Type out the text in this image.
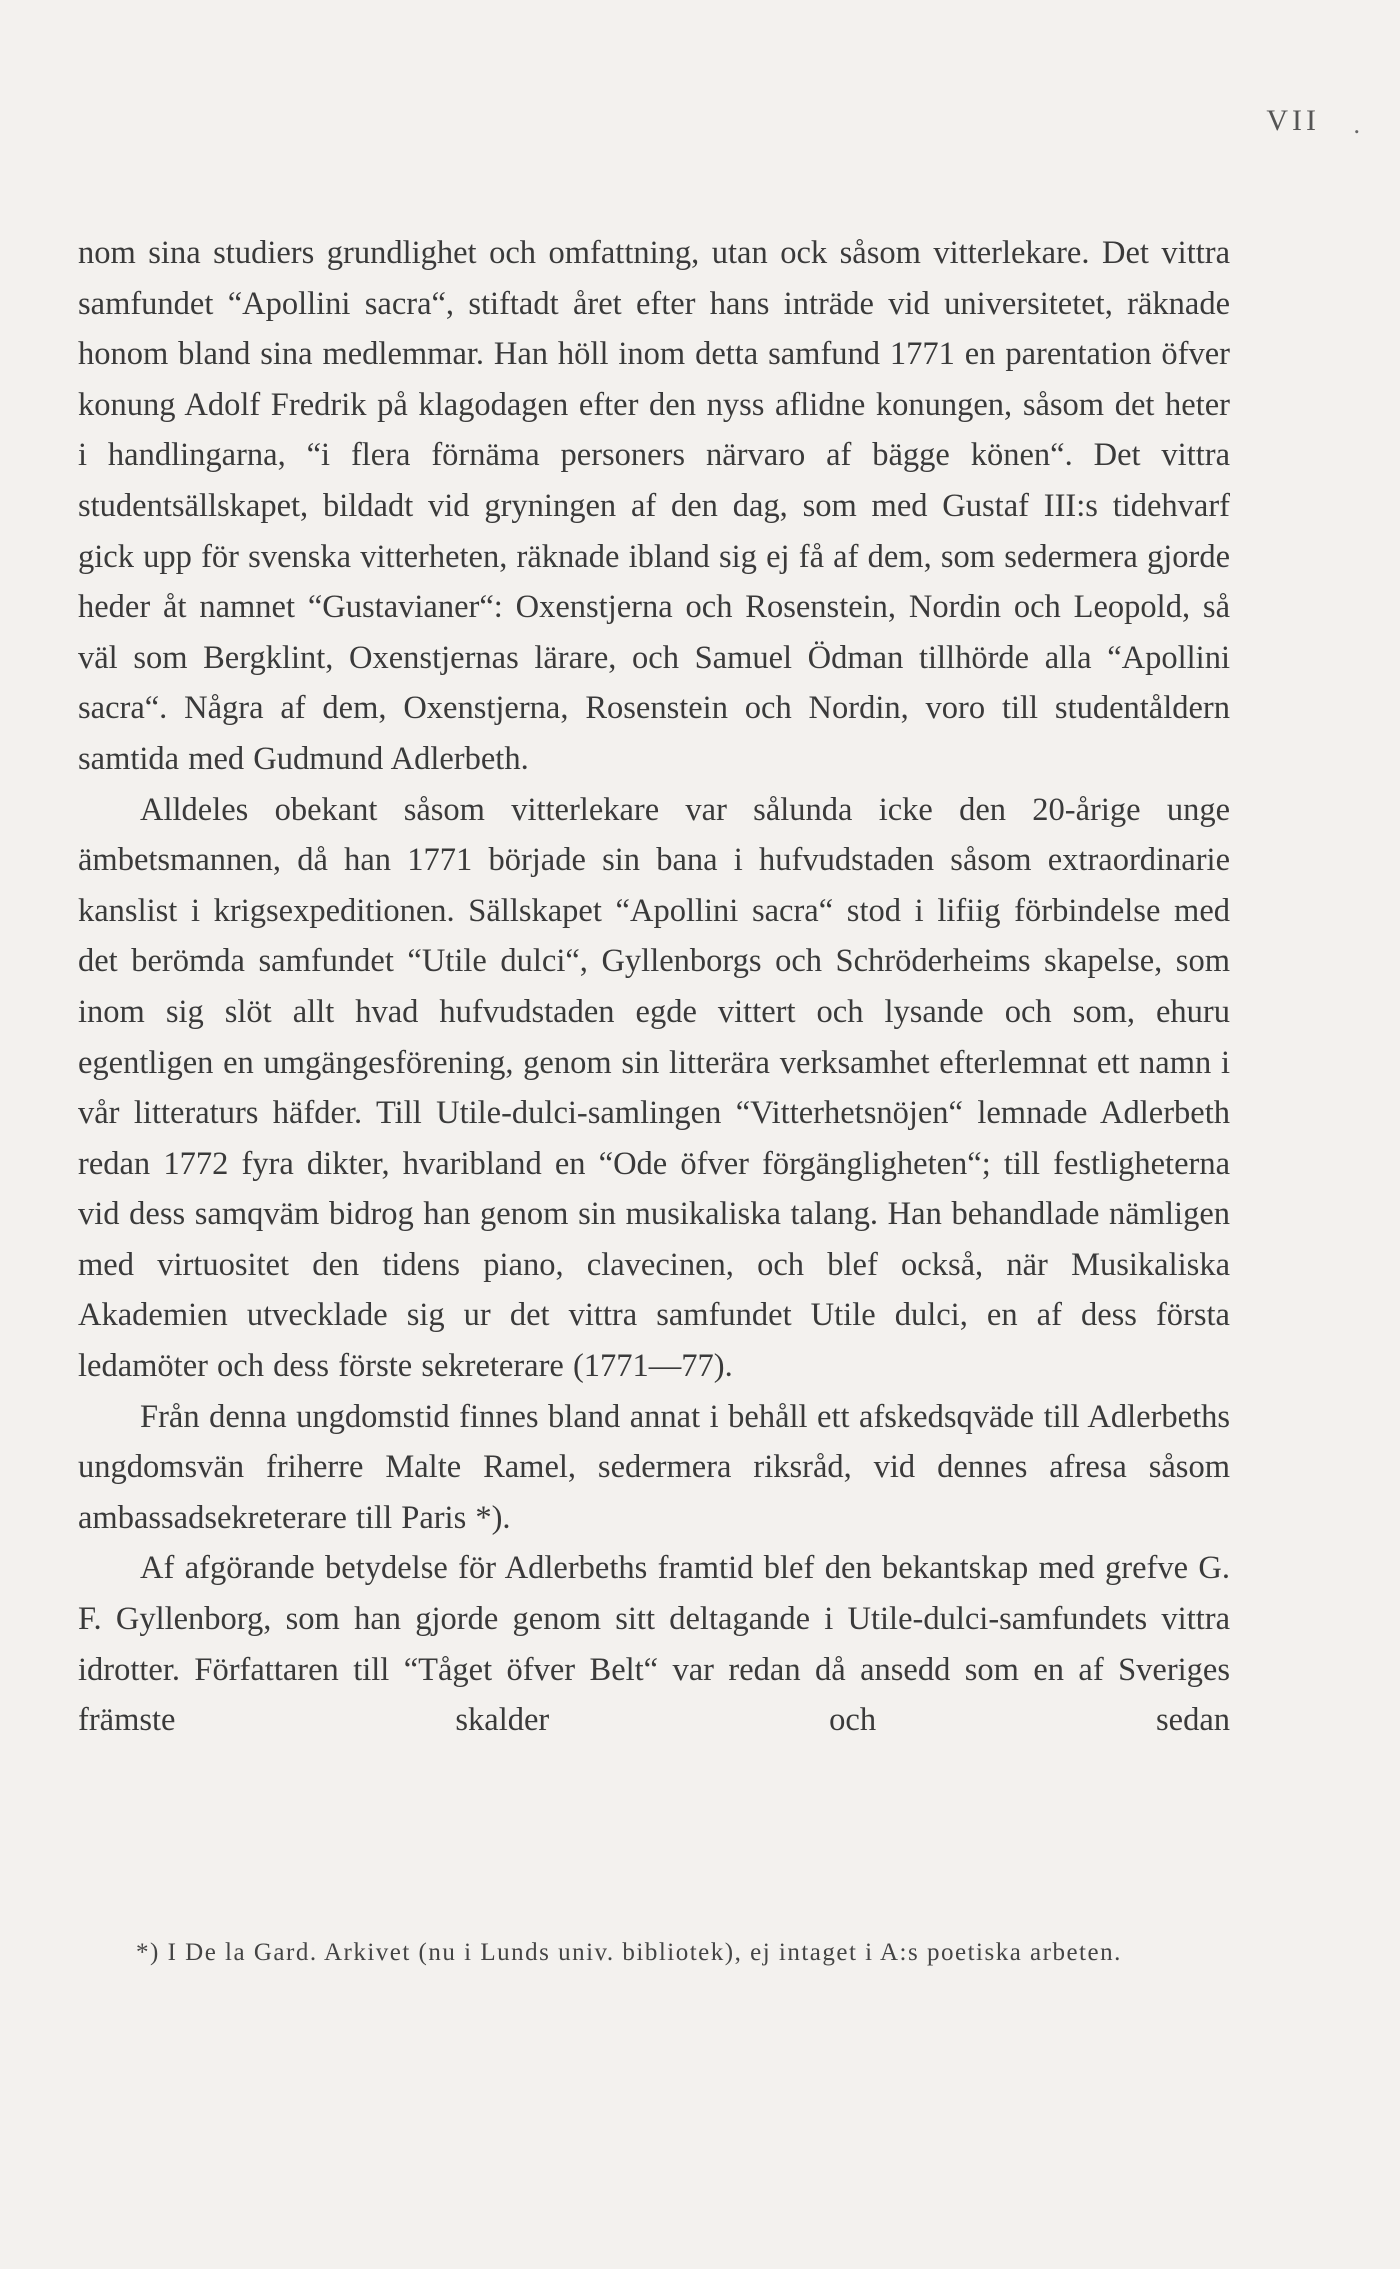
VII .

nom sina studiers grundlighet och omfattning, utan ock såsom vitterlekare. Det vittra samfundet “Apollini sacra“, stiftadt året efter hans inträde vid universitetet, räknade honom bland sina medlemmar. Han höll inom detta samfund 1771 en parentation öfver konung Adolf Fredrik på klagodagen efter den nyss aflidne konungen, såsom det heter i handlingarna, “i flera förnäma personers närvaro af bägge könen“. Det vittra studentsällskapet, bildadt vid gryningen af den dag, som med Gustaf III:s tidehvarf gick upp för svenska vitterheten, räknade ibland sig ej få af dem, som sedermera gjorde heder åt namnet “Gustavianer“: Oxenstjerna och Rosenstein, Nordin och Leopold, så väl som Bergklint, Oxenstjernas lärare, och Samuel Ödman tillhörde alla “Apollini sacra“. Några af dem, Oxenstjerna, Rosenstein och Nordin, voro till studentåldern samtida med Gudmund Adlerbeth.

Alldeles obekant såsom vitterlekare var sålunda icke den 20-årige unge ämbetsmannen, då han 1771 började sin bana i hufvudstaden såsom extraordinarie kanslist i krigsexpeditionen. Sällskapet “Apollini sacra“ stod i lifiig förbindelse med det berömda samfundet “Utile dulci“, Gyllenborgs och Schröderheims skapelse, som inom sig slöt allt hvad hufvudstaden egde vittert och lysande och som, ehuru egentligen en umgängesförening, genom sin litterära verksamhet efterlemnat ett namn i vår litteraturs häfder. Till Utile-dulci-samlingen “Vitterhetsnöjen“ lemnade Adlerbeth redan 1772 fyra dikter, hvaribland en “Ode öfver förgängligheten“; till festligheterna vid dess samqväm bidrog han genom sin musikaliska talang. Han behandlade nämligen med virtuositet den tidens piano, clavecinen, och blef också, när Musikaliska Akademien utvecklade sig ur det vittra samfundet Utile dulci, en af dess första ledamöter och dess förste sekreterare (1771—77).

Från denna ungdomstid finnes bland annat i behåll ett afskedsqväde till Adlerbeths ungdomsvän friherre Malte Ramel, sedermera riksråd, vid dennes afresa såsom ambassadsekreterare till Paris *).

Af afgörande betydelse för Adlerbeths framtid blef den bekantskap med grefve G. F. Gyllenborg, som han gjorde genom sitt deltagande i Utile-dulci-samfundets vittra idrotter. Författaren till “Tåget öfver Belt“ var redan då ansedd som en af Sveriges främste skalder och sedan

*) I De la Gard. Arkivet (nu i Lunds univ. bibliotek), ej intaget i A:s poetiska arbeten.
